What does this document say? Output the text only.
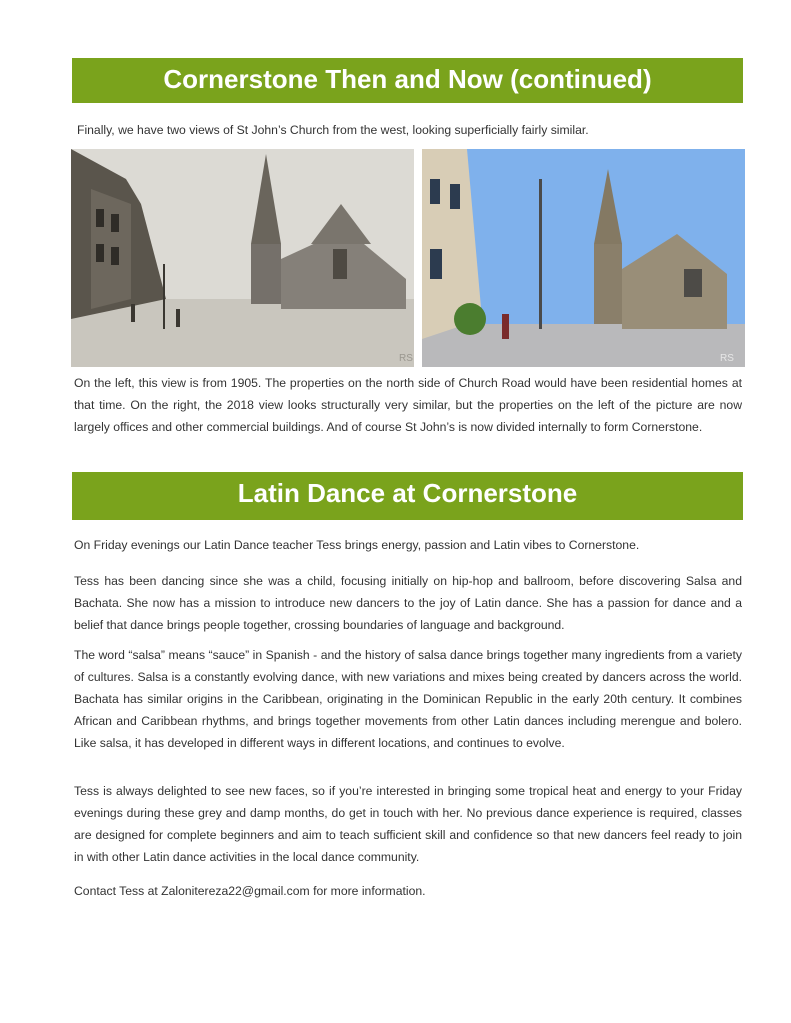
Cornerstone Then and Now (continued)

Finally, we have two views of St John’s Church from the west, looking superficially fairly similar.

RS	RS

On the left, this view is from 1905. The properties on the north side of Church Road would have been residential homes at that time. On the right, the 2018 view looks structurally very similar, but the properties on the left of the picture are now largely offices and other commercial buildings. And of course St John’s is now divided internally to form Cornerstone.

Latin Dance at Cornerstone

On Friday evenings our Latin Dance teacher Tess brings energy, passion and Latin vibes to Cornerstone.

Tess has been dancing since she was a child, focusing initially on hip-hop and ballroom, before discovering Salsa and Bachata. She now has a mission to introduce new dancers to the joy of Latin dance. She has a passion for dance and a belief that dance brings people together, crossing boundaries of language and background.

The word “salsa” means “sauce” in Spanish - and the history of salsa dance brings together many ingredients from a variety of cultures. Salsa is a constantly evolving dance, with new variations and mixes being created by dancers across the world. Bachata has similar origins in the Caribbean, originating in the Dominican Republic in the early 20th century. It combines African and Caribbean rhythms, and brings together movements from other Latin dances including merengue and bolero. Like salsa, it has developed in different ways in different locations, and continues to evolve.

Tess is always delighted to see new faces, so if you’re interested in bringing some tropical heat and energy to your Friday evenings during these grey and damp months, do get in touch with her. No previous dance experience is required, classes are designed for complete beginners and aim to teach sufficient skill and confidence so that new dancers feel ready to join in with other Latin dance activities in the local dance community.

Contact Tess at Zalonitereza22@gmail.com for more information.
